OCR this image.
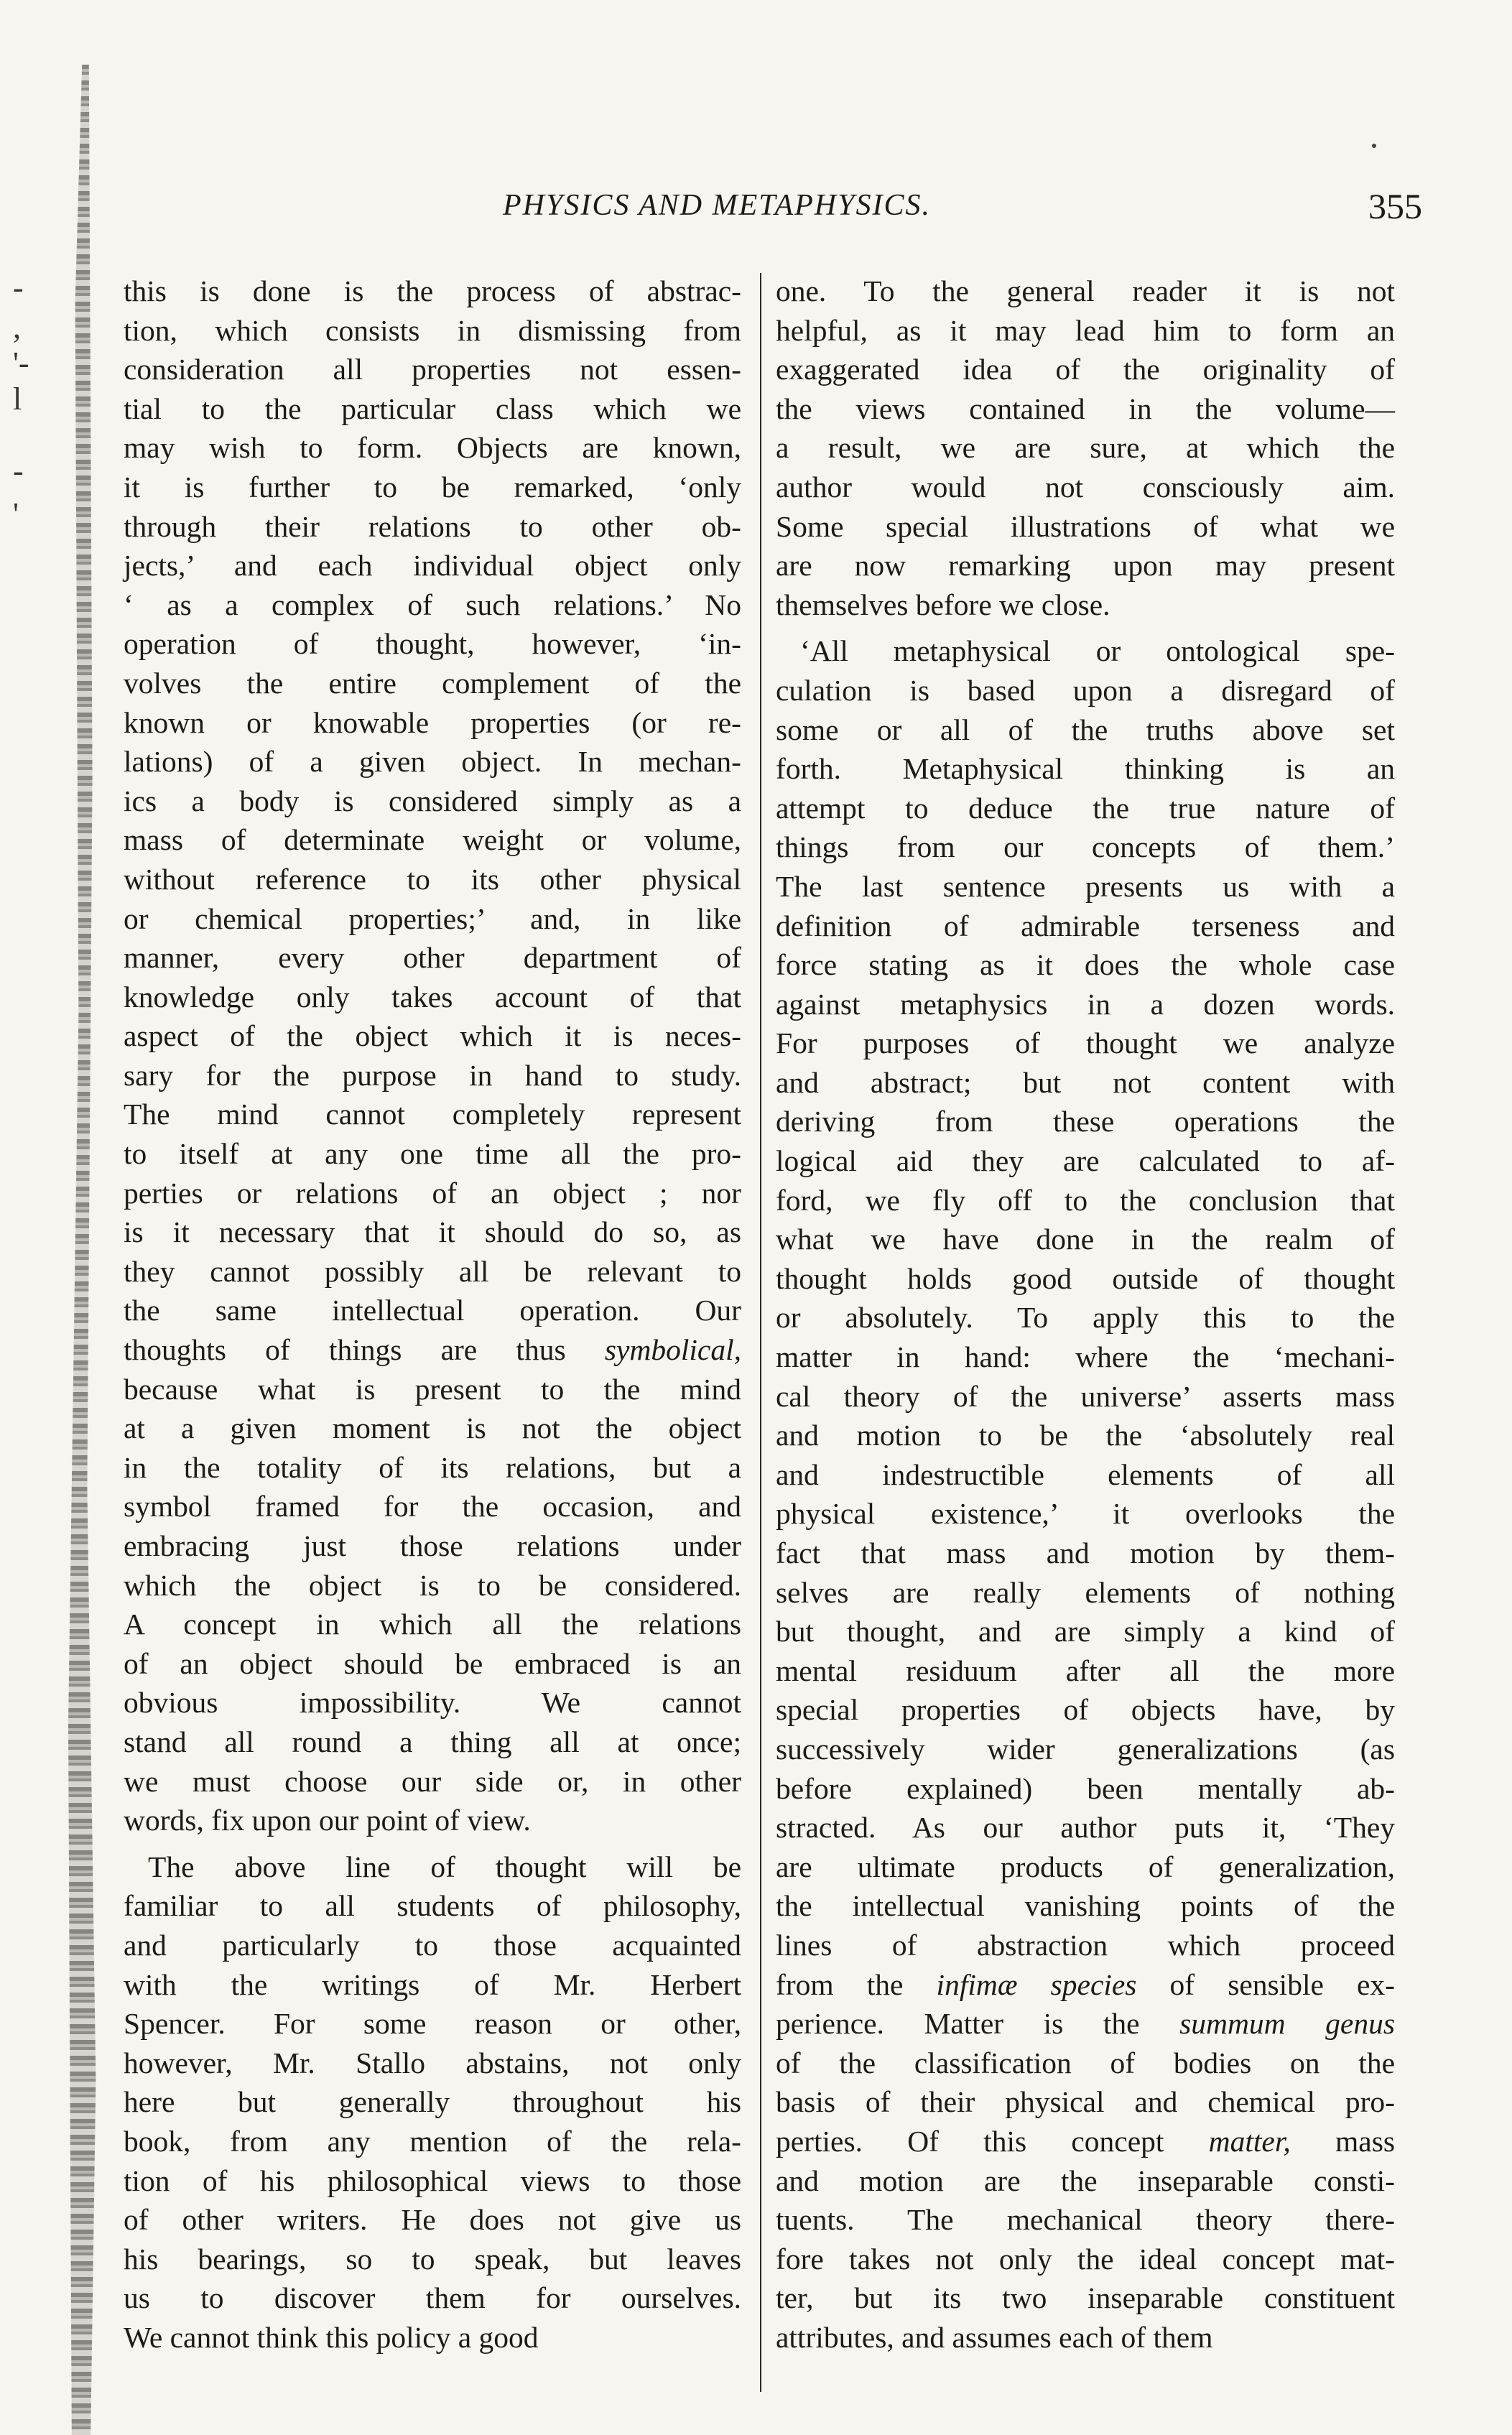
-
,
'-
l
-
'
PHYSICS AND METAPHYSICS.	355
this is done is the process of abstrac-
tion, which consists in dismissing from
consideration all properties not essen-
tial to the particular class which we
may wish to form. Objects are known,
it is further to be remarked, ‘only
through their relations to other ob-
jects,’ and each individual object only
‘ as a complex of such relations.’ No
operation of thought, however, ‘in-
volves the entire complement of the
known or knowable properties (or re-
lations) of a given object. In mechan-
ics a body is considered simply as a
mass of determinate weight or volume,
without reference to its other physical
or chemical properties;’ and, in like
manner, every other department of
knowledge only takes account of that
aspect of the object which it is neces-
sary for the purpose in hand to study.
The mind cannot completely represent
to itself at any one time all the pro-
perties or relations of an object ; nor
is it necessary that it should do so, as
they cannot possibly all be relevant to
the same intellectual operation. Our
thoughts of things are thus symbolical,
because what is present to the mind
at a given moment is not the object
in the totality of its relations, but a
symbol framed for the occasion, and
embracing just those relations under
which the object is to be considered.
A concept in which all the relations
of an object should be embraced is an
obvious impossibility. We cannot
stand all round a thing all at once;
we must choose our side or, in other
words, fix upon our point of view.
The above line of thought will be
familiar to all students of philosophy,
and particularly to those acquainted
with the writings of Mr. Herbert
Spencer. For some reason or other,
however, Mr. Stallo abstains, not only
here but generally throughout his
book, from any mention of the rela-
tion of his philosophical views to those
of other writers. He does not give us
his bearings, so to speak, but leaves
us to discover them for ourselves.
We cannot think this policy a good
one. To the general reader it is not
helpful, as it may lead him to form an
exaggerated idea of the originality of
the views contained in the volume—
a result, we are sure, at which the
author would not consciously aim.
Some special illustrations of what we
are now remarking upon may present
themselves before we close.
‘All metaphysical or ontological spe-
culation is based upon a disregard of
some or all of the truths above set
forth. Metaphysical thinking is an
attempt to deduce the true nature of
things from our concepts of them.’
The last sentence presents us with a
definition of admirable terseness and
force stating as it does the whole case
against metaphysics in a dozen words.
For purposes of thought we analyze
and abstract; but not content with
deriving from these operations the
logical aid they are calculated to af-
ford, we fly off to the conclusion that
what we have done in the realm of
thought holds good outside of thought
or absolutely. To apply this to the
matter in hand: where the ‘mechani-
cal theory of the universe’ asserts mass
and motion to be the ‘absolutely real
and indestructible elements of all
physical existence,’ it overlooks the
fact that mass and motion by them-
selves are really elements of nothing
but thought, and are simply a kind of
mental residuum after all the more
special properties of objects have, by
successively wider generalizations (as
before explained) been mentally ab-
stracted. As our author puts it, ‘They
are ultimate products of generalization,
the intellectual vanishing points of the
lines of abstraction which proceed
from the infimæ species of sensible ex-
perience. Matter is the summum genus
of the classification of bodies on the
basis of their physical and chemical pro-
perties. Of this concept matter, mass
and motion are the inseparable consti-
tuents. The mechanical theory there-
fore takes not only the ideal concept mat-
ter, but its two inseparable constituent
attributes, and assumes each of them
